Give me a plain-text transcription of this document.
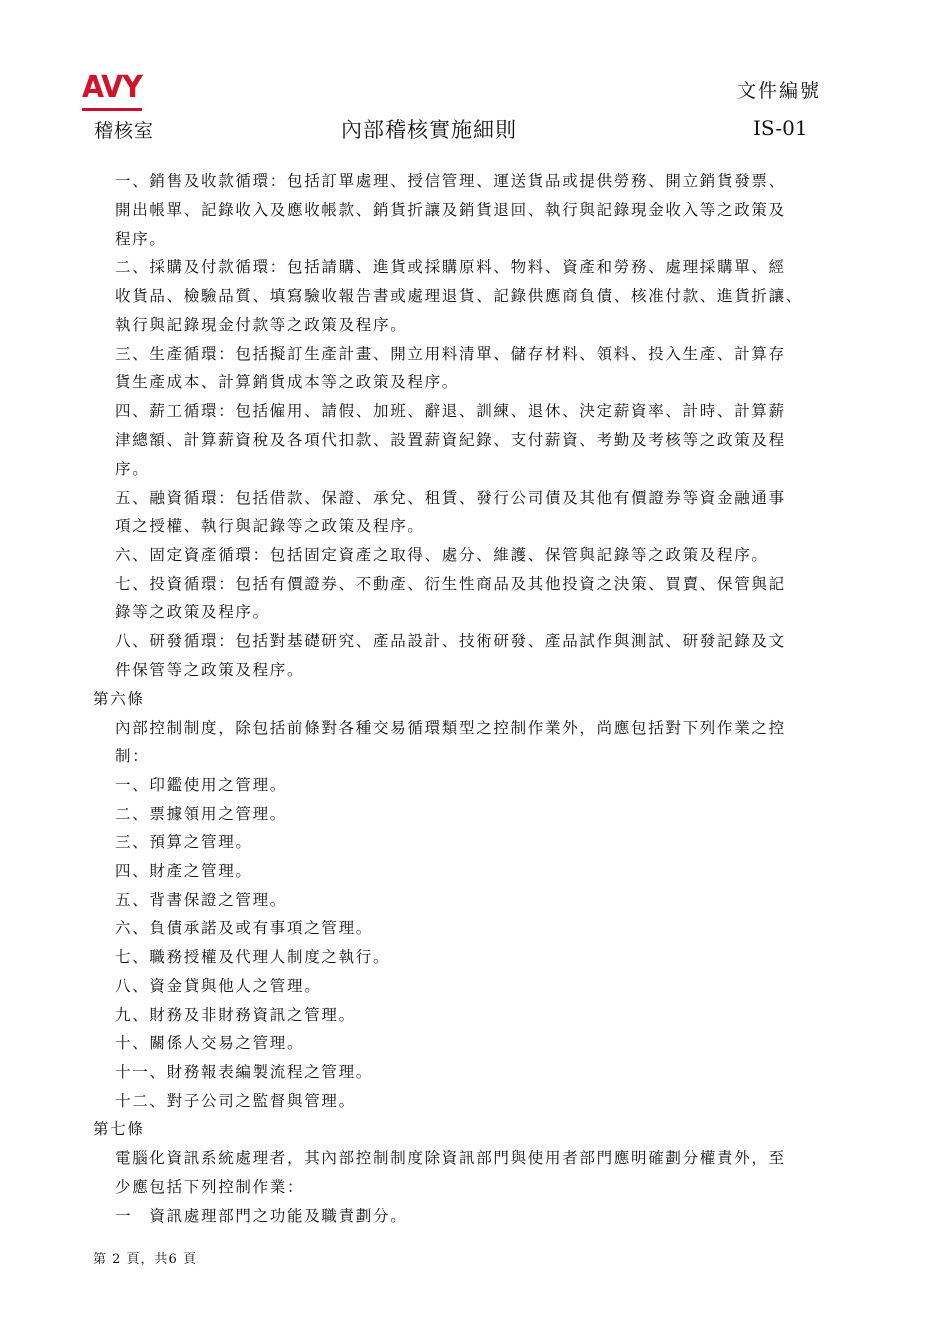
AVY	文件編號
稽核室	內部稽核實施細則	IS-01
一、銷售及收款循環：包括訂單處理、授信管理、運送貨品或提供勞務、開立銷貨發票、
開出帳單、記錄收入及應收帳款、銷貨折讓及銷貨退回、執行與記錄現金收入等之政策及
程序。
二、採購及付款循環：包括請購、進貨或採購原料、物料、資產和勞務、處理採購單、經
收貨品、檢驗品質、填寫驗收報告書或處理退貨、記錄供應商負債、核准付款、進貨折讓、
執行與記錄現金付款等之政策及程序。
三、生產循環：包括擬訂生產計畫、開立用料清單、儲存材料、領料、投入生產、計算存
貨生產成本、計算銷貨成本等之政策及程序。
四、薪工循環：包括僱用、請假、加班、辭退、訓練、退休、決定薪資率、計時、計算薪
津總額、計算薪資稅及各項代扣款、設置薪資紀錄、支付薪資、考勤及考核等之政策及程
序。
五、融資循環：包括借款、保證、承兌、租賃、發行公司債及其他有價證券等資金融通事
項之授權、執行與記錄等之政策及程序。
六、固定資產循環：包括固定資產之取得、處分、維護、保管與記錄等之政策及程序。
七、投資循環：包括有價證券、不動產、衍生性商品及其他投資之決策、買賣、保管與記
錄等之政策及程序。
八、研發循環：包括對基礎研究、產品設計、技術研發、產品試作與測試、研發記錄及文
件保管等之政策及程序。
第六條
內部控制制度，除包括前條對各種交易循環類型之控制作業外，尚應包括對下列作業之控
制：
一、印鑑使用之管理。
二、票據領用之管理。
三、預算之管理。
四、財產之管理。
五、背書保證之管理。
六、負債承諾及或有事項之管理。
七、職務授權及代理人制度之執行。
八、資金貸與他人之管理。
九、財務及非財務資訊之管理。
十、關係人交易之管理。
十一、財務報表編製流程之管理。
十二、對子公司之監督與管理。
第七條
電腦化資訊系統處理者，其內部控制制度除資訊部門與使用者部門應明確劃分權責外，至
少應包括下列控制作業：
一　資訊處理部門之功能及職責劃分。
第 2 頁，共6 頁
